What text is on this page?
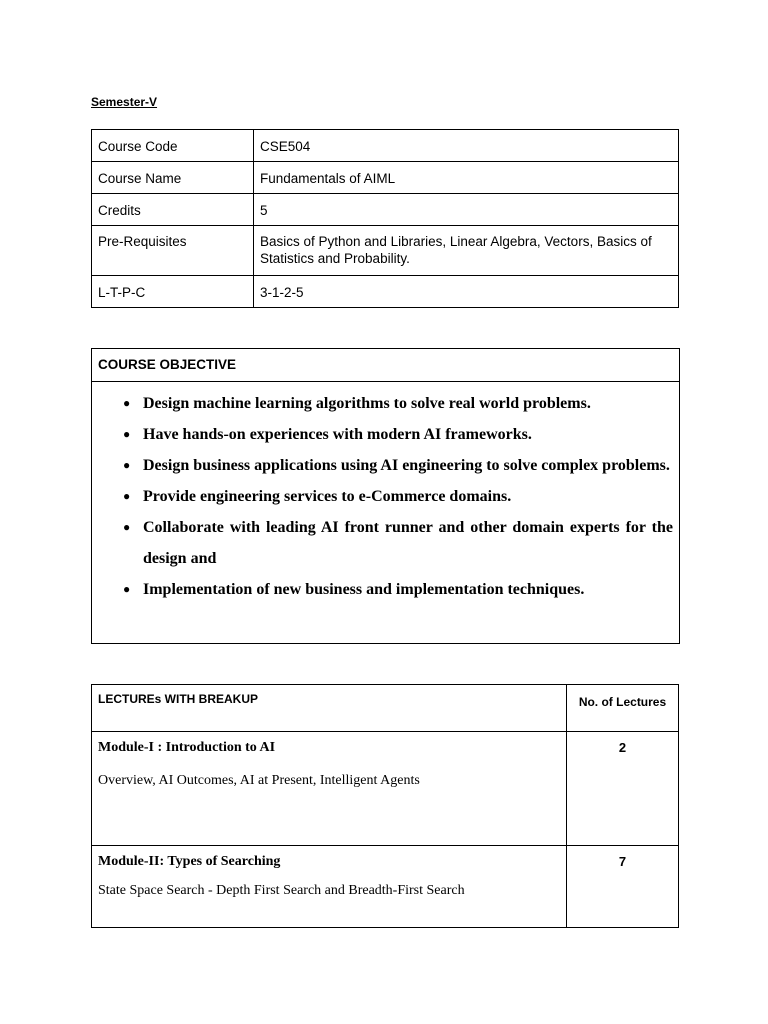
Semester-V
Course Code	CSE504
Course Name	Fundamentals of AIML
Credits	5
Pre-Requisites	Basics of Python and Libraries, Linear Algebra, Vectors, Basics of Statistics and Probability.
L-T-P-C	3-1-2-5
COURSE OBJECTIVE
● Design machine learning algorithms to solve real world problems.
● Have hands-on experiences with modern AI frameworks.
● Design business applications using AI engineering to solve complex problems.
● Provide engineering services to e-Commerce domains.
● Collaborate with leading AI front runner and other domain experts for the design and
● Implementation of new business and implementation techniques.
LECTUREs WITH BREAKUP	No. of Lectures

Module-I : Introduction to AI
Overview, AI Outcomes, AI at Present, Intelligent Agents	2

Module-II: Types of Searching
State Space Search - Depth First Search and Breadth-First Search	7
